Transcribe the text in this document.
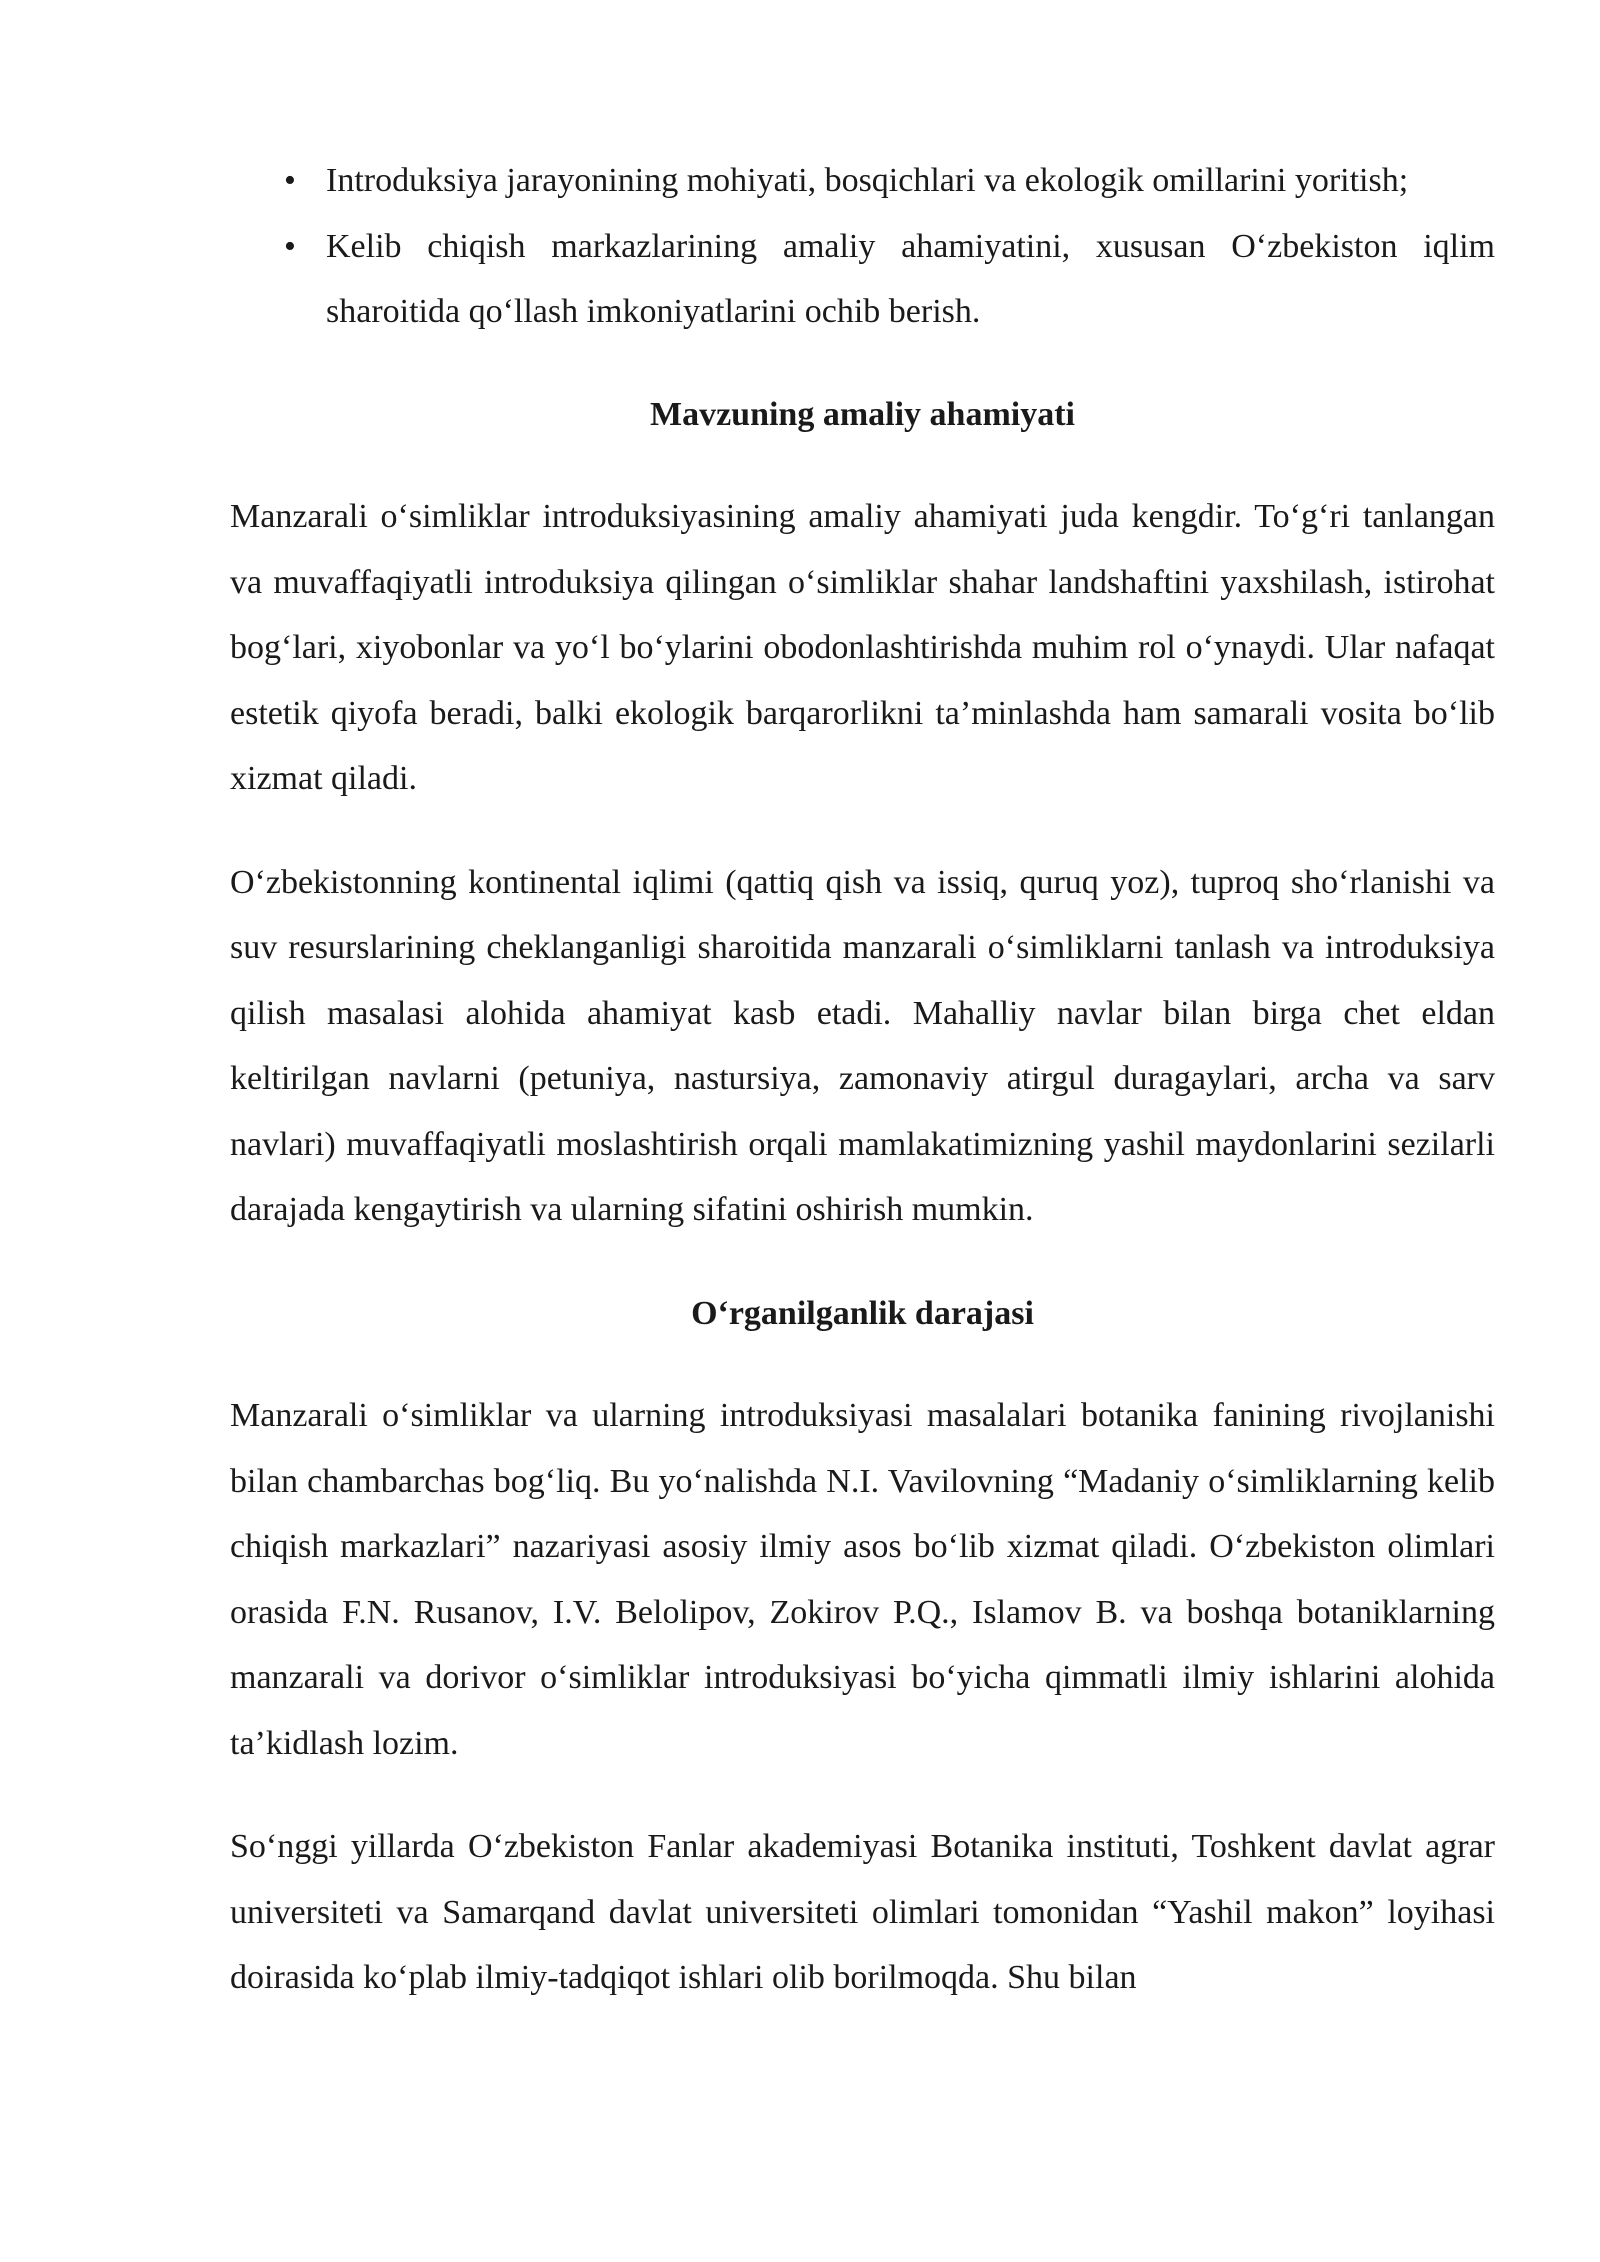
• Introduksiya jarayonining mohiyati, bosqichlari va ekologik omillarini yoritish;
• Kelib chiqish markazlarining amaliy ahamiyatini, xususan O‘zbekiston iqlim sharoitida qo‘llash imkoniyatlarini ochib berish.
Mavzuning amaliy ahamiyati

Manzarali o‘simliklar introduksiyasining amaliy ahamiyati juda kengdir. To‘g‘ri tanlangan va muvaffaqiyatli introduksiya qilingan o‘simliklar shahar landshaftini yaxshilash, istirohat bog‘lari, xiyobonlar va yo‘l bo‘ylarini obodonlashtirishda muhim rol o‘ynaydi. Ular nafaqat estetik qiyofa beradi, balki ekologik barqarorlikni ta’minlashda ham samarali vosita bo‘lib xizmat qiladi.

O‘zbekistonning kontinental iqlimi (qattiq qish va issiq, quruq yoz), tuproq sho‘rlanishi va suv resurslarining cheklanganligi sharoitida manzarali o‘simliklarni tanlash va introduksiya qilish masalasi alohida ahamiyat kasb etadi. Mahalliy navlar bilan birga chet eldan keltirilgan navlarni (petuniya, nastursiya, zamonaviy atirgul duragaylari, archa va sarv navlari) muvaffaqiyatli moslashtirish orqali mamlakatimizning yashil maydonlarini sezilarli darajada kengaytirish va ularning sifatini oshirish mumkin.

O‘rganilganlik darajasi

Manzarali o‘simliklar va ularning introduksiyasi masalalari botanika fanining rivojlanishi bilan chambarchas bog‘liq. Bu yo‘nalishda N.I. Vavilovning “Madaniy o‘simliklarning kelib chiqish markazlari” nazariyasi asosiy ilmiy asos bo‘lib xizmat qiladi. O‘zbekiston olimlari orasida F.N. Rusanov, I.V. Belolipov, Zokirov P.Q., Islamov B. va boshqa botaniklarning manzarali va dorivor o‘simliklar introduksiyasi bo‘yicha qimmatli ilmiy ishlarini alohida ta’kidlash lozim.

So‘nggi yillarda O‘zbekiston Fanlar akademiyasi Botanika instituti, Toshkent davlat agrar universiteti va Samarqand davlat universiteti olimlari tomonidan “Yashil makon” loyihasi doirasida ko‘plab ilmiy-tadqiqot ishlari olib borilmoqda. Shu bilan
